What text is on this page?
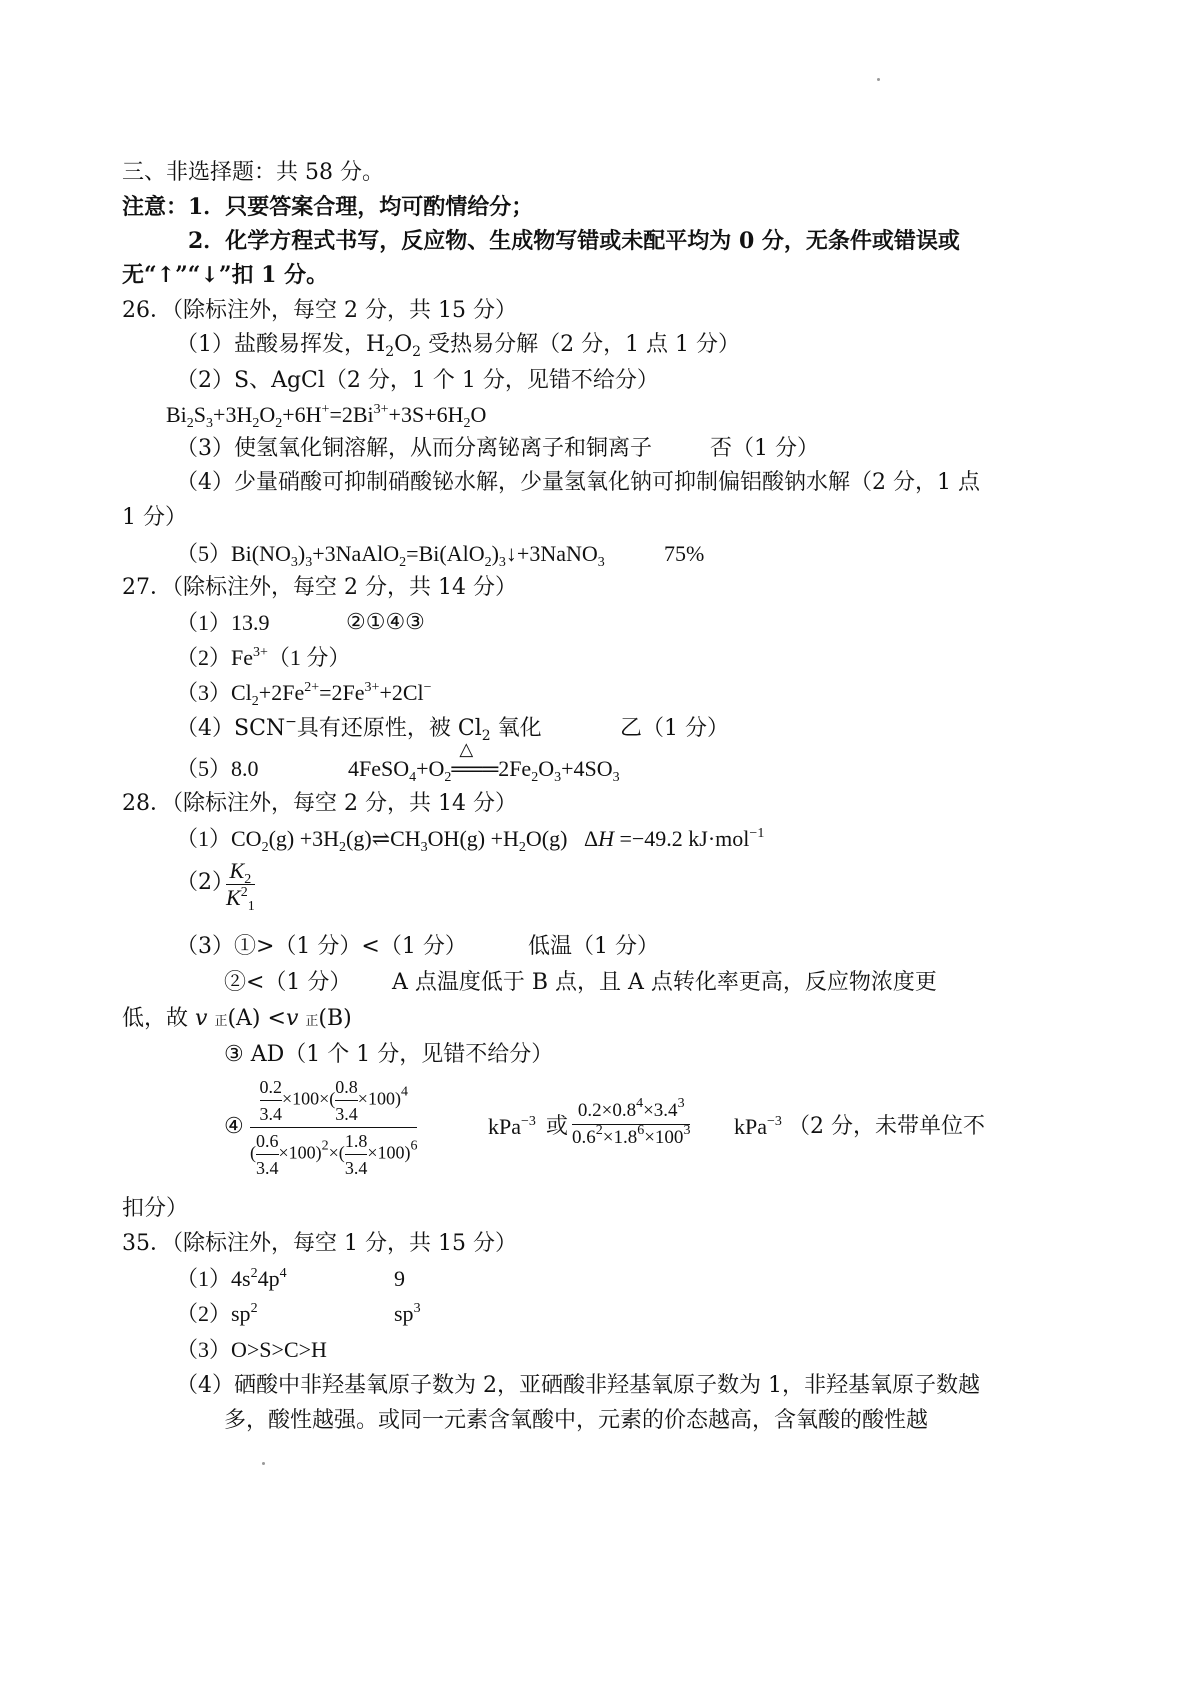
三、非选择题：共 58 分。
注意：1．只要答案合理，均可酌情给分；
2．化学方程式书写，反应物、生成物写错或未配平均为 0 分，无条件或错误或
无“↑”“↓”扣 1 分。
26．（除标注外，每空 2 分，共 15 分）
（1）盐酸易挥发，$H_2O_2$ 受热易分解（2 分，1 点 1 分）
（2）S、AgCl（2 分，1 个 1 分，见错不给分）
$Bi_2S_3+3H_2O_2+6H^+=2Bi^{3+}+3S+6H_2O$
（3）使氢氧化铜溶解，从而分离铋离子和铜离子	否（1 分）
（4）少量硝酸可抑制硝酸铋水解，少量氢氧化钠可抑制偏铝酸钠水解（2 分，1 点
1 分）
$(5)Bi(NO_3)_3+3NaAlO_2=Bi(AlO_2)_3↓+3NaNO_3$	75%
27．（除标注外，每空 2 分，共 14 分）
（1）13.9	②①④③
$(2)Fe^{3+}(1$ 分）
$(3)Cl_2+2Fe^{2+}=2Fe^{3+}+2Cl^-$
（4）SCN−具有还原性，被 $Cl_2$ 氧化	乙（1 分）
（5）8.0	$4FeSO_4+O_2$
△
$═══2Fe_2O_3+4SO_3$
28．（除标注外，每空 2 分，共 14 分）
$(1)CO_2(g)$ $+3H_2(g)\rightleftharpoons CH_3OH(g) +H_2O(g)$   ΔH =−49.2 kJ·mol$^{-1}$
（2）
$\frac{K_2}{K^2_1}$
（3）①>（1 分）<（1 分）	低温（1 分）
②<（1 分） A 点温度低于 B 点，且 A 点转化率更高，反应物浓度更
低，故 v 正(A) <v 正(B)
③ AD（1 个 1 分，见错不给分）
④ $\frac{\frac{0.2}{3.4} \times 100\times( \frac{0.8}{3.4} \times 100)^4}{( \frac{0.6}{3.4} \times 100)^2\times( \frac{1.8}{3.4} \times 100)^6}$	kPa$^{-3}$ 或 $\frac{0.2\times 0.8^4\times 3.4^3}{0.6^2\times 1.8^6\times 100^3} kPa^{-3}$ （2 分，未带单位不
扣分）
35．（除标注外，每空 1 分，共 15 分）
$(1)4s^24p^4$	9
$(2)sp^2$	$sp^3$
（3）O>S>C>H
（4）硒酸中非羟基氧原子数为 2，亚硒酸非羟基氧原子数为 1，非羟基氧原子数越
多，酸性越强。或同一元素含氧酸中，元素的价态越高，含氧酸的酸性越
